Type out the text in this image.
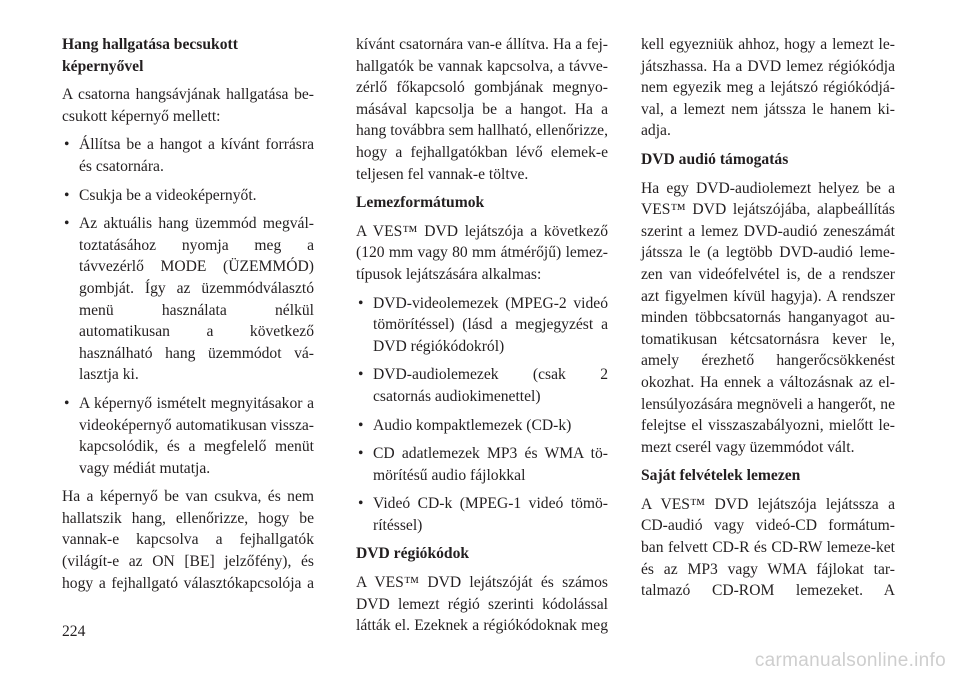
Hang hallgatása becsukott képernyővel

A csatorna hangsávjának hallgatása be-csukott képernyő mellett:

• Állítsa be a hangot a kívánt forrásra és csatornára.
• Csukja be a videoképernyőt.
• Az aktuális hang üzemmód megvál-toztatásához nyomja meg a távvezérlő MODE (ÜZEMMÓD) gombját. Így az üzemmódválasztó menü használata nélkül automatikusan a következő használható hang üzemmódot vá-lasztja ki.
• A képernyő ismételt megnyitásakor a videoképernyő automatikusan vissza-kapcsolódik, és a megfelelő menüt vagy médiát mutatja.

Ha a képernyő be van csukva, és nem hallatszik hang, ellenőrizze, hogy be vannak-e kapcsolva a fejhallgatók (világít-e az ON [BE] jelzőfény), és hogy a fejhallgató választókapcsolója a

kívánt csatornára van-e állítva. Ha a fej-hallgatók be vannak kapcsolva, a távve-zérlő főkapcsoló gombjának megnyo-másával kapcsolja be a hangot. Ha a hang továbbra sem hallható, ellenőrizze, hogy a fejhallgatókban lévő elemek-e teljesen fel vannak-e töltve.

Lemezformátumok

A VES™ DVD lejátszója a következő (120 mm vagy 80 mm átmérőjű) lemez-típusok lejátszására alkalmas:

• DVD-videolemezek (MPEG-2 videó tömörítéssel) (lásd a megjegyzést a DVD régiókódokról)
• DVD-audiolemezek (csak 2 csatornás audiokimenettel)
• Audio kompaktlemezek (CD-k)
• CD adatlemezek MP3 és WMA tö-mörítésű audio fájlokkal
• Videó CD-k (MPEG-1 videó tömö-rítéssel)
DVD régiókódok

A VES™ DVD lejátszóját és számos DVD lemezt régió szerinti kódolással látták el. Ezeknek a régiókódoknak meg

kell egyezniük ahhoz, hogy a lemezt le-játszhassa. Ha a DVD lemez régiókódja nem egyezik meg a lejátszó régiókódjá-val, a lemezt nem játssza le hanem ki-adja.

DVD audió támogatás

Ha egy DVD-audiolemezt helyez be a VES™ DVD lejátszójába, alapbeállítás szerint a lemez DVD-audió zeneszámát játssza le (a legtöbb DVD-audió leme-zen van videófelvétel is, de a rendszer azt figyelmen kívül hagyja). A rendszer minden többcsatornás hanganyagot au-tomatikusan kétcsatornásra kever le, amely érezhető hangerőcsökkenést okozhat. Ha ennek a változásnak az el-lensúlyozására megnöveli a hangerőt, ne felejtse el visszaszabályozni, mielőtt le-mezt cserél vagy üzemmódot vált.

Saját felvételek lemezen

A VES™ DVD lejátszója lejátssza a CD-audió vagy videó-CD formátum-ban felvett CD-R és CD-RW lemeze-ket és az MP3 vagy WMA fájlokat tar-talmazó CD-ROM lemezeket. A

224
carmanualsonline.info
